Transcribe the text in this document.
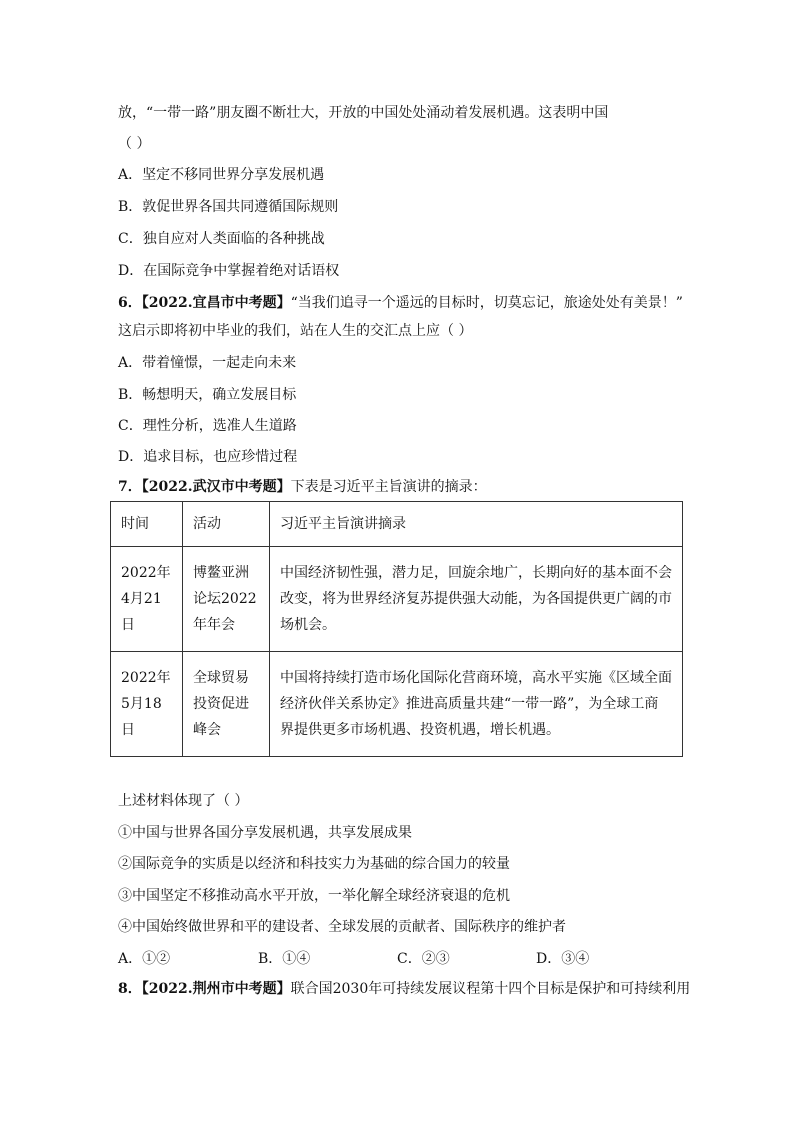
放，“一带一路”朋友圈不断壮大，开放的中国处处涌动着发展机遇。这表明中国
（ ）
A．坚定不移同世界分享发展机遇
B．敦促世界各国共同遵循国际规则
C．独自应对人类面临的各种挑战
D．在国际竞争中掌握着绝对话语权
6．【2022.宜昌市中考题】“当我们追寻一个遥远的目标时，切莫忘记，旅途处处有美景！”
这启示即将初中毕业的我们，站在人生的交汇点上应（ ）
A．带着憧憬，一起走向未来
B．畅想明天，确立发展目标
C．理性分析，选准人生道路
D．追求目标，也应珍惜过程
7．【2022.武汉市中考题】下表是习近平主旨演讲的摘录：
时间	活动	习近平主旨演讲摘录
2022年4月21日	博鳌亚洲论坛2022年年会	中国经济韧性强，潜力足，回旋余地广，长期向好的基本面不会改变，将为世界经济复苏提供强大动能，为各国提供更广阔的市场机会。
2022年5月18日	全球贸易投资促进峰会	中国将持续打造市场化国际化营商环境，高水平实施《区域全面经济伙伴关系协定》推进高质量共建“一带一路”，为全球工商界提供更多市场机遇、投资机遇，增长机遇。
上述材料体现了（ ）
①中国与世界各国分享发展机遇，共享发展成果
②国际竞争的实质是以经济和科技实力为基础的综合国力的较量
③中国坚定不移推动高水平开放，一举化解全球经济衰退的危机
④中国始终做世界和平的建设者、全球发展的贡献者、国际秩序的维护者
A．①②	B．①④	C．②③	D．③④
8．【2022.荆州市中考题】联合国2030年可持续发展议程第十四个目标是保护和可持续利用
